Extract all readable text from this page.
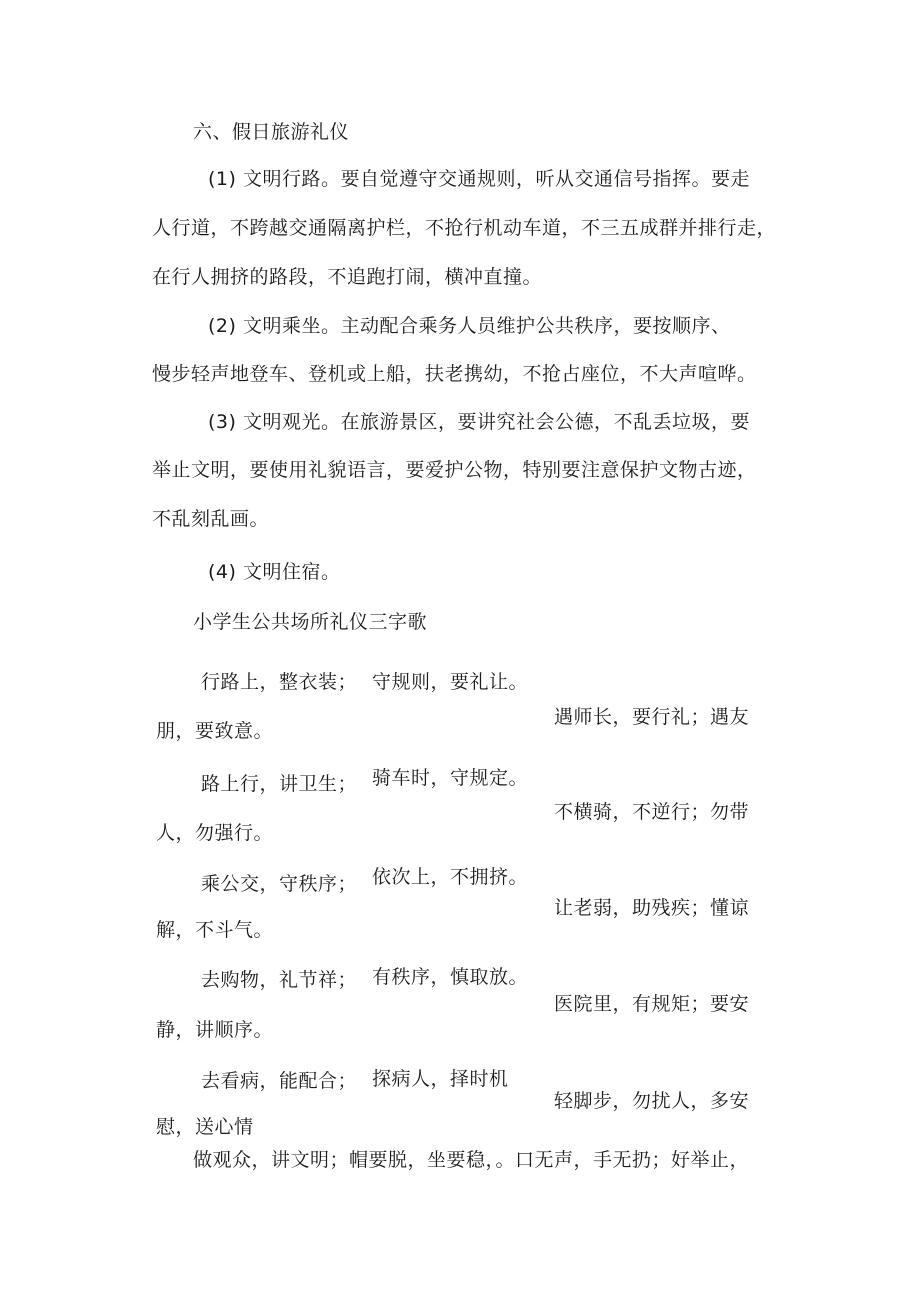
六、假日旅游礼仪
(1) 文明行路。要自觉遵守交通规则，听从交通信号指挥。要走
人行道，不跨越交通隔离护栏，不抢行机动车道，不三五成群并排行走，
在行人拥挤的路段，不追跑打闹，横冲直撞。
(2) 文明乘坐。主动配合乘务人员维护公共秩序，要按顺序、
慢步轻声地登车、登机或上船，扶老携幼，不抢占座位，不大声喧哗。
(3) 文明观光。在旅游景区，要讲究社会公德，不乱丢垃圾，要
举止文明，要使用礼貌语言，要爱护公物，特别要注意保护文物古迹，
不乱刻乱画。
(4) 文明住宿。
小学生公共场所礼仪三字歌
行路上，整衣装； 守规则，要礼让。
遇师长，要行礼；遇友
朋，要致意。
路上行，讲卫生； 骑车时，守规定。
不横骑，不逆行；勿带
人，勿强行。
乘公交，守秩序； 依次上，不拥挤。
让老弱，助残疾；懂谅
解，不斗气。
去购物，礼节祥； 有秩序，慎取放。
医院里，有规矩；要安
静，讲顺序。
去看病，能配合； 探病人，择时机
轻脚步，勿扰人，多安
慰，送心情
做观众，讲文明；帽要脱，坐要稳，。口无声，手无扔；好举止，
